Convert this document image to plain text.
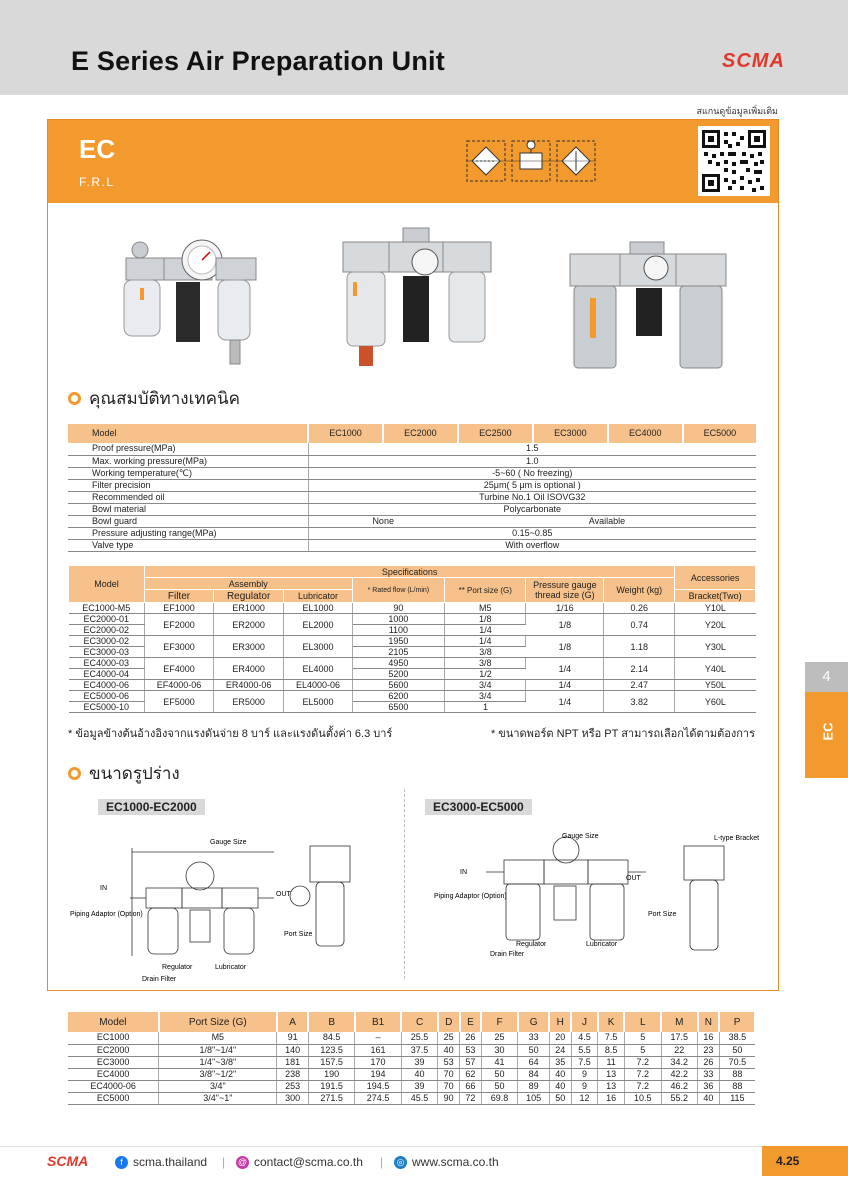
E Series Air Preparation Unit	SCMA
สแกนดูข้อมูลเพิ่มเติม
EC
F.R.L
คุณสมบัติทางเทคนิค
Model	EC1000	EC2000	EC2500	EC3000	EC4000	EC5000
Proof pressure(MPa)	1.5					
Max. working pressure(MPa)	1.0					
Working temperature(℃)	-5~60 ( No freezing)					
Filter precision	25μm( 5 μm is optional )					
Recommended oil	Turbine No.1 Oil ISOVG32					
Bowl material	Polycarbonate					
Bowl guard	None		Available			
Pressure adjusting range(MPa)	0.15~0.85					
Valve type	With overflow					
Model	Specifications							Accessories
	Assembly			* Rated flow (L/min)	** Port size (G)	Pressure gauge thread size (G)	Weight (kg)	
	Filter	Regulator	Lubricator					Bracket(Two)
EC1000-M5	EF1000	ER1000	EL1000	90	M5	1/16	0.26	Y10L
EC2000-01	EF2000	ER2000	EL2000	1000	1/8	1/8	0.74	Y20L
EC2000-02				1100	1/4			
EC3000-02	EF3000	ER3000	EL3000	1950	1/4	1/8	1.18	Y30L
EC3000-03				2105	3/8			
EC4000-03	EF4000	ER4000	EL4000	4950	3/8	1/4	2.14	Y40L
EC4000-04				5200	1/2			
EC4000-06	EF4000-06	ER4000-06	EL4000-06	5600	3/4	1/4	2.47	Y50L
EC5000-06	EF5000	ER5000	EL5000	6200	3/4	1/4	3.82	Y60L
EC5000-10				6500	1			
* ข้อมูลข้างต้นอ้างอิงจากแรงดันจ่าย 8 บาร์ และแรงดันตั้งค่า 6.3 บาร์	* ขนาดพอร์ต NPT หรือ PT สามารถเลือกได้ตามต้องการ
ขนาดรูปร่าง
EC1000-EC2000	EC3000-EC5000
Gauge Size
Piping Adaptor (Option)
Regulator	Lubricator
Drain Filter
IN
OUT
Port Size
Gauge Size
Piping Adaptor (Option)
Regulator	Lubricator
Drain Filter
IN
OUT
Port Size
L-type Bracket
Model	Port Size (G)	A	B	B1	C	D	E	F	G	H	J	K	L	M	N	P
EC1000	M5	91	84.5	–	25.5	25	26	25	33	20	4.5	7.5	5	17.5	16	38.5
EC2000	1/8"~1/4"	140	123.5	161	37.5	40	53	30	50	24	5.5	8.5	5	22	23	50
EC3000	1/4"~3/8"	181	157.5	170	39	53	57	41	64	35	7.5	11	7.2	34.2	26	70.5
EC4000	3/8"~1/2"	238	190	194	40	70	62	50	84	40	9	13	7.2	42.2	33	88
EC4000-06	3/4"	253	191.5	194.5	39	70	66	50	89	40	9	13	7.2	46.2	36	88
EC5000	3/4"~1"	300	271.5	274.5	45.5	90	72	69.8	105	50	12	16	10.5	55.2	40	115
4
EC
SCMA	f scma.thailand | @ contact@scma.co.th | ◎ www.scma.co.th	4.25
